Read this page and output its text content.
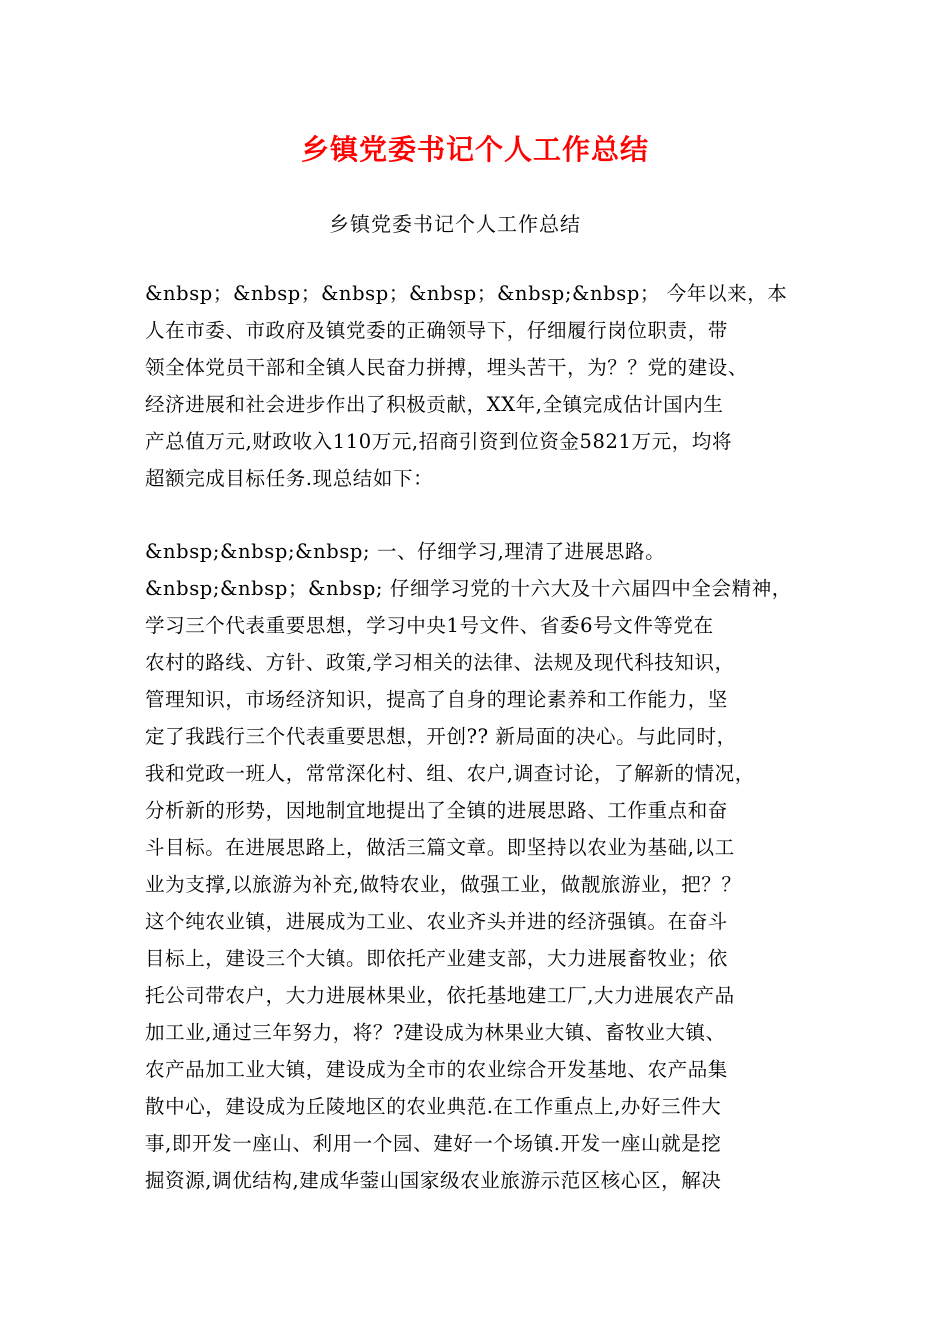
乡镇党委书记个人工作总结
乡镇党委书记个人工作总结
&nbsp；&nbsp；&nbsp；&nbsp；&nbsp;&nbsp； 今年以来，本
人在市委、市政府及镇党委的正确领导下，仔细履行岗位职责，带
领全体党员干部和全镇人民奋力拼搏，埋头苦干，为？？党的建设、
经济进展和社会进步作出了积极贡献，XX年,全镇完成估计国内生
产总值万元,财政收入110万元,招商引资到位资金5821万元，均将
超额完成目标任务.现总结如下：
&nbsp;&nbsp;&nbsp; 一、仔细学习,理清了进展思路。
&nbsp;&nbsp；&nbsp; 仔细学习党的十六大及十六届四中全会精神，
学习三个代表重要思想，学习中央1号文件、省委6号文件等党在
农村的路线、方针、政策,学习相关的法律、法规及现代科技知识，
管理知识，市场经济知识，提高了自身的理论素养和工作能力，坚
定了我践行三个代表重要思想，开创?? 新局面的决心。与此同时，
我和党政一班人，常常深化村、组、农户,调查讨论，了解新的情况，
分析新的形势，因地制宜地提出了全镇的进展思路、工作重点和奋
斗目标。在进展思路上，做活三篇文章。即坚持以农业为基础,以工
业为支撑,以旅游为补充,做特农业，做强工业，做靓旅游业，把？？
这个纯农业镇，进展成为工业、农业齐头并进的经济强镇。在奋斗
目标上，建设三个大镇。即依托产业建支部，大力进展畜牧业；依
托公司带农户，大力进展林果业，依托基地建工厂,大力进展农产品
加工业,通过三年努力，将？?建设成为林果业大镇、畜牧业大镇、
农产品加工业大镇，建设成为全市的农业综合开发基地、农产品集
散中心，建设成为丘陵地区的农业典范.在工作重点上,办好三件大
事,即开发一座山、利用一个园、建好一个场镇.开发一座山就是挖
掘资源,调优结构,建成华蓥山国家级农业旅游示范区核心区，解决
